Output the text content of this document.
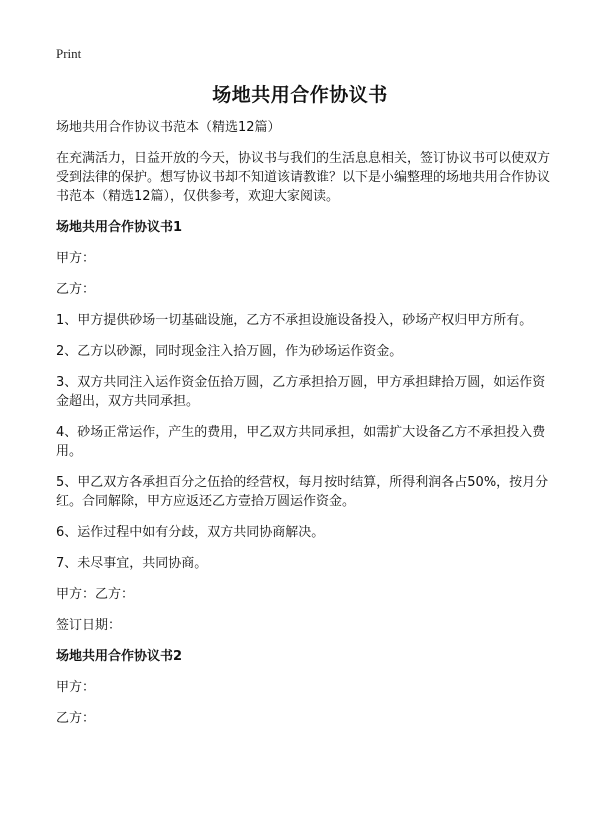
Print
场地共用合作协议书

场地共用合作协议书范本（精选12篇）

在充满活力，日益开放的今天，协议书与我们的生活息息相关，签订协议书可以使双方受到法律的保护。想写协议书却不知道该请教谁？以下是小编整理的场地共用合作协议书范本（精选12篇），仅供参考，欢迎大家阅读。

场地共用合作协议书1

甲方：

乙方：

1、甲方提供砂场一切基础设施，乙方不承担设施设备投入，砂场产权归甲方所有。

2、乙方以砂源，同时现金注入拾万圆，作为砂场运作资金。

3、双方共同注入运作资金伍拾万圆，乙方承担拾万圆，甲方承担肆拾万圆，如运作资金超出，双方共同承担。

4、砂场正常运作，产生的费用，甲乙双方共同承担，如需扩大设备乙方不承担投入费用。

5、甲乙双方各承担百分之伍拾的经营权，每月按时结算，所得利润各占50%，按月分红。合同解除，甲方应返还乙方壹拾万圆运作资金。

6、运作过程中如有分歧，双方共同协商解决。

7、未尽事宜，共同协商。

甲方：乙方：

签订日期：

场地共用合作协议书2

甲方：

乙方：
